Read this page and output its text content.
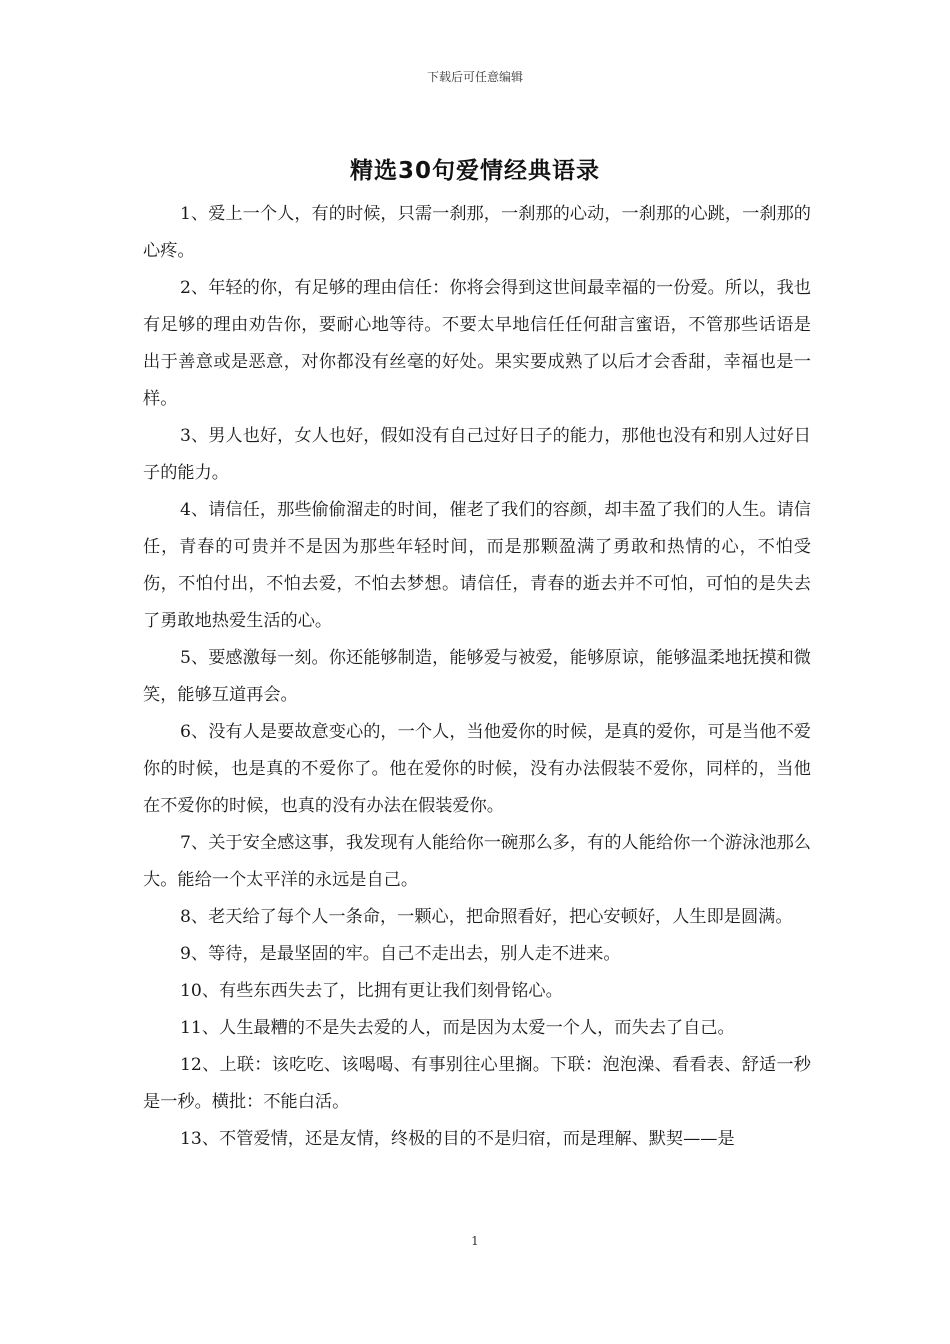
下载后可任意编辑
精选30句爱情经典语录

1、爱上一个人，有的时候，只需一刹那，一刹那的心动，一刹那的心跳，一刹那的心疼。

2、年轻的你，有足够的理由信任：你将会得到这世间最幸福的一份爱。所以，我也有足够的理由劝告你，要耐心地等待。不要太早地信任任何甜言蜜语，不管那些话语是出于善意或是恶意，对你都没有丝毫的好处。果实要成熟了以后才会香甜，幸福也是一样。

3、男人也好，女人也好，假如没有自己过好日子的能力，那他也没有和别人过好日子的能力。

4、请信任，那些偷偷溜走的时间，催老了我们的容颜，却丰盈了我们的人生。请信任，青春的可贵并不是因为那些年轻时间，而是那颗盈满了勇敢和热情的心，不怕受伤，不怕付出，不怕去爱，不怕去梦想。请信任，青春的逝去并不可怕，可怕的是失去了勇敢地热爱生活的心。

5、要感激每一刻。你还能够制造，能够爱与被爱，能够原谅，能够温柔地抚摸和微笑，能够互道再会。

6、没有人是要故意变心的，一个人，当他爱你的时候，是真的爱你，可是当他不爱你的时候，也是真的不爱你了。他在爱你的时候，没有办法假装不爱你，同样的，当他在不爱你的时候，也真的没有办法在假装爱你。

7、关于安全感这事，我发现有人能给你一碗那么多，有的人能给你一个游泳池那么大。能给一个太平洋的永远是自己。

8、老天给了每个人一条命，一颗心，把命照看好，把心安顿好，人生即是圆满。

9、等待，是最坚固的牢。自己不走出去，别人走不进来。

10、有些东西失去了，比拥有更让我们刻骨铭心。

11、人生最糟的不是失去爱的人，而是因为太爱一个人，而失去了自己。

12、上联：该吃吃、该喝喝、有事别往心里搁。下联：泡泡澡、看看表、舒适一秒是一秒。横批：不能白活。

13、不管爱情，还是友情，终极的目的不是归宿，而是理解、默契——是

1
